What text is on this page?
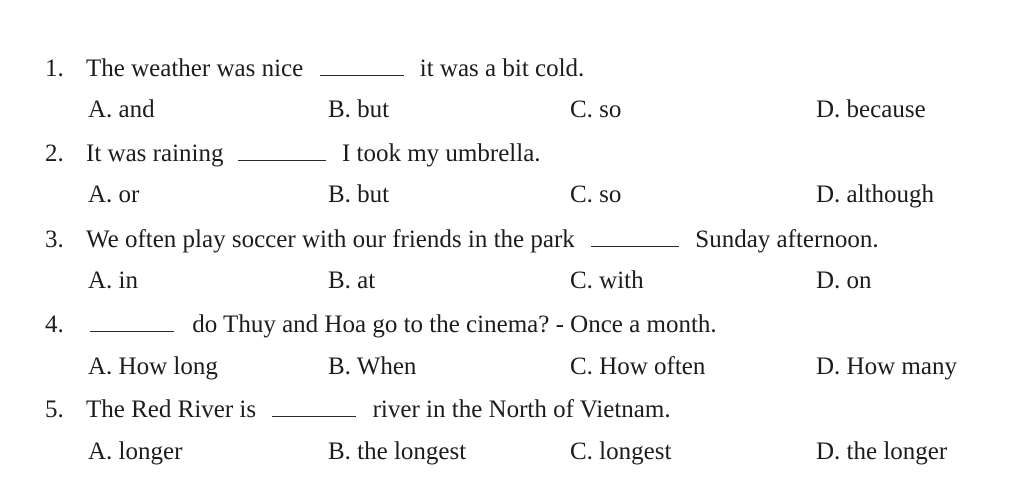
1. The weather was nice	it was a bit cold.
A. and	B. but	C. so	D. because
2. It was raining	I took my umbrella.
A. or	B. but	C. so	D. although
3. We often play soccer with our friends in the park	Sunday afternoon.
A. in	B. at	C. with	D. on
4.	do Thuy and Hoa go to the cinema? - Once a month.
A. How long	B. When	C. How often	D. How many
5. The Red River is	river in the North of Vietnam.
A. longer	B. the longest	C. longest	D. the longer
